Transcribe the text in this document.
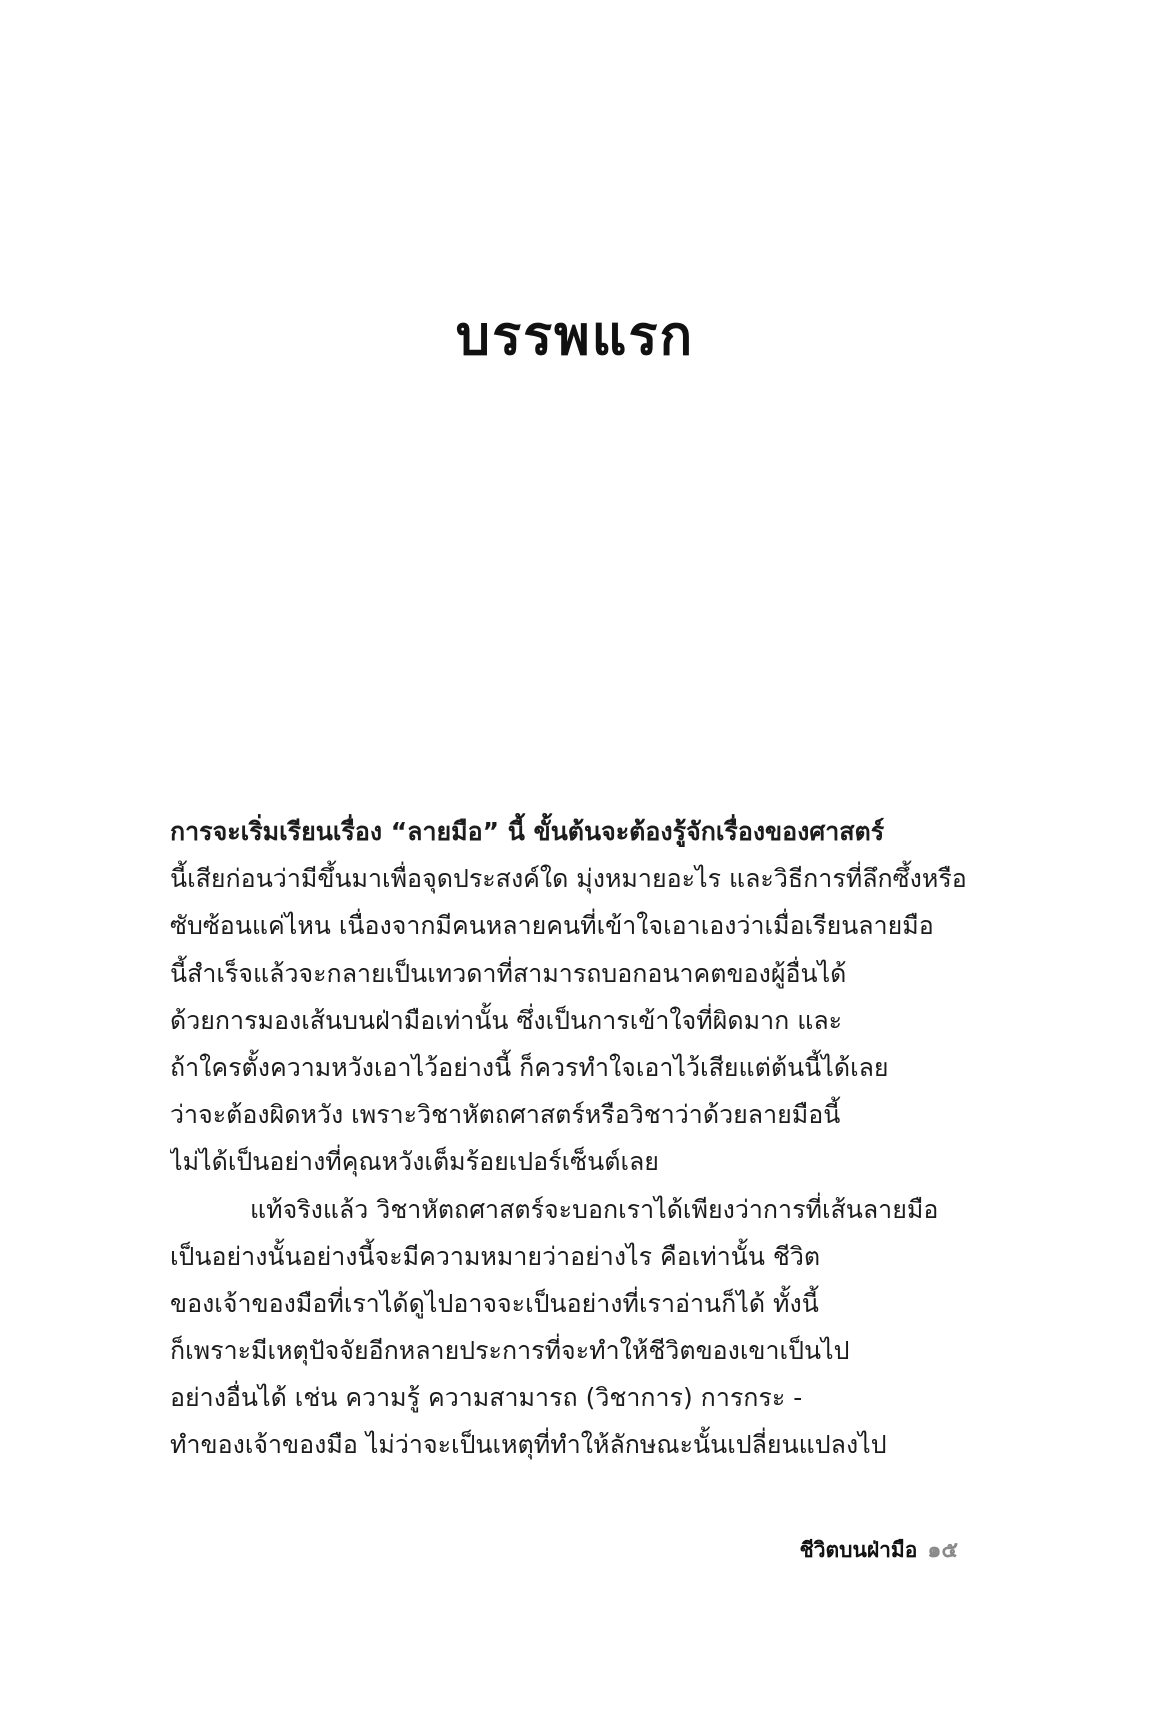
บรรพแรก
การจะเริ่มเรียนเรื่อง “ลายมือ” นี้ ขั้นต้นจะต้องรู้จักเรื่องของศาสตร์
นี้เสียก่อนว่ามีขึ้นมาเพื่อจุดประสงค์ใด มุ่งหมายอะไร และวิธีการที่ลึกซึ้งหรือ
ซับซ้อนแค่ไหน เนื่องจากมีคนหลายคนที่เข้าใจเอาเองว่าเมื่อเรียนลายมือ
นี้สำเร็จแล้วจะกลายเป็นเทวดาที่สามารถบอกอนาคตของผู้อื่นได้
ด้วยการมองเส้นบนฝ่ามือเท่านั้น ซึ่งเป็นการเข้าใจที่ผิดมาก และ
ถ้าใครตั้งความหวังเอาไว้อย่างนี้ ก็ควรทำใจเอาไว้เสียแต่ต้นนี้ได้เลย
ว่าจะต้องผิดหวัง เพราะวิชาหัตถศาสตร์หรือวิชาว่าด้วยลายมือนี้
ไม่ได้เป็นอย่างที่คุณหวังเต็มร้อยเปอร์เซ็นต์เลย
แท้จริงแล้ว วิชาหัตถศาสตร์จะบอกเราได้เพียงว่าการที่เส้นลายมือ
เป็นอย่างนั้นอย่างนี้จะมีความหมายว่าอย่างไร คือเท่านั้น ชีวิต
ของเจ้าของมือที่เราได้ดูไปอาจจะเป็นอย่างที่เราอ่านก็ได้ ทั้งนี้
ก็เพราะมีเหตุปัจจัยอีกหลายประการที่จะทำให้ชีวิตของเขาเป็นไป
อย่างอื่นได้ เช่น ความรู้ ความสามารถ (วิชาการ) การกระ -
ทำของเจ้าของมือ ไม่ว่าจะเป็นเหตุที่ทำให้ลักษณะนั้นเปลี่ยนแปลงไป
ชีวิตบนฝ่ามือ ๑๕
